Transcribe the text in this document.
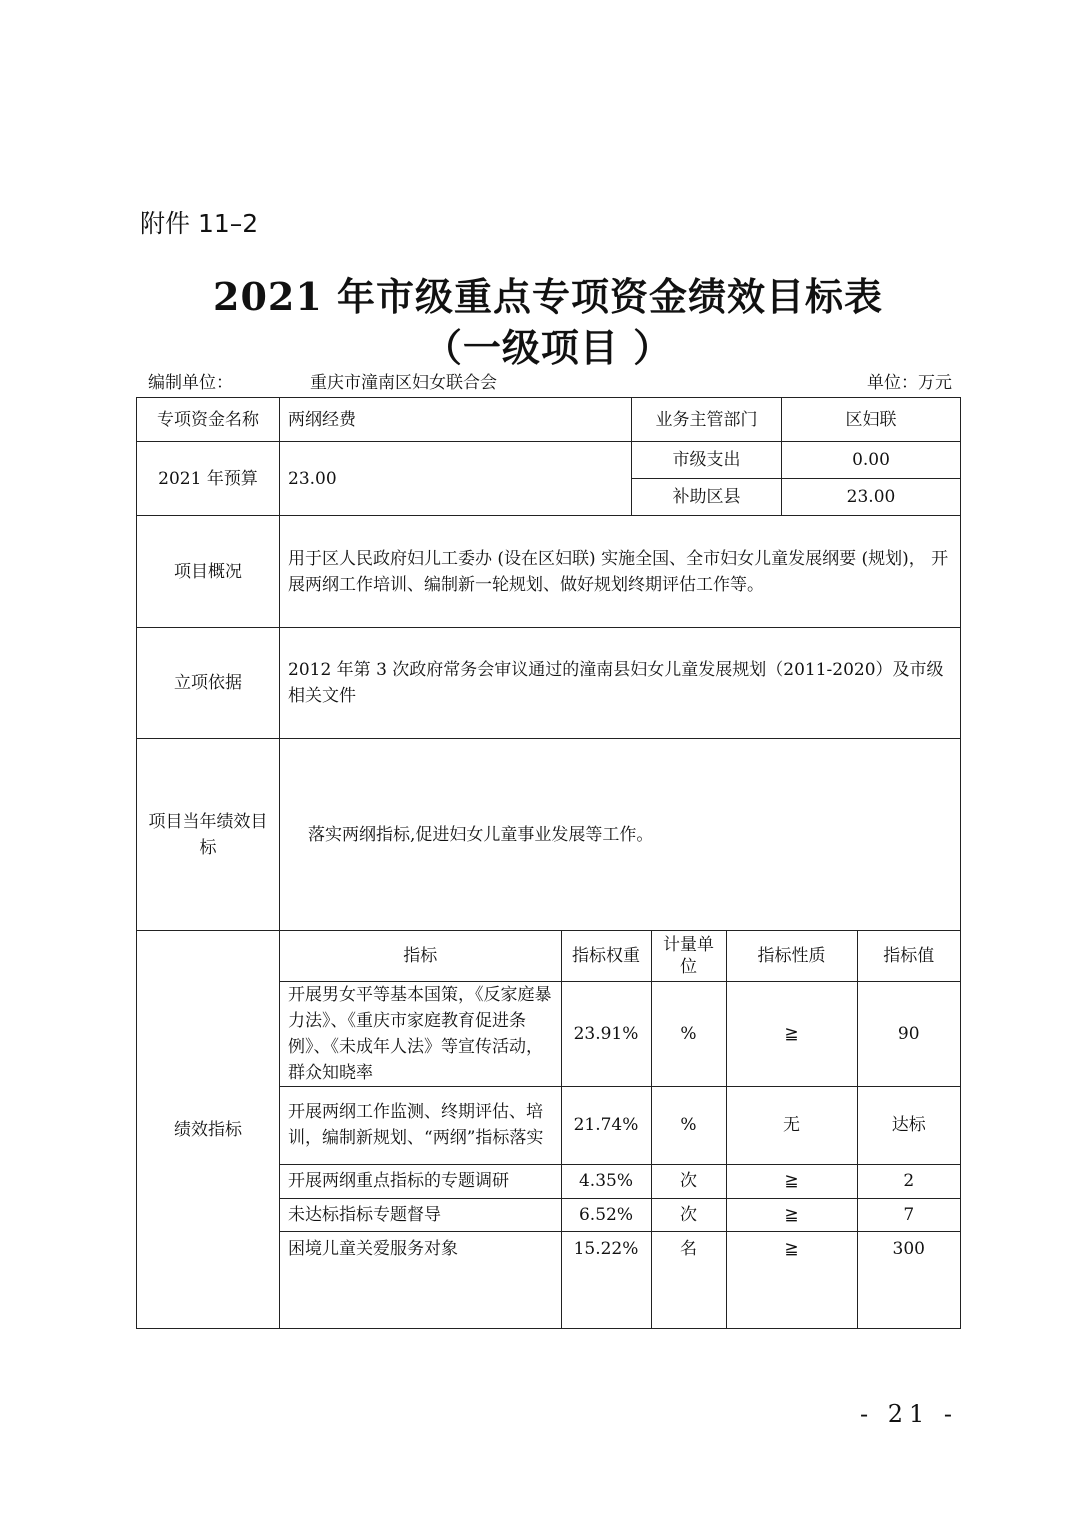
附件 11–2
2021 年市级重点专项资金绩效目标表
（一级项目 ）
编制单位：	重庆市潼南区妇女联合会	单位：万元
专项资金名称	两纲经费	业务主管部门	区妇联
2021 年预算	23.00	市级支出	0.00
补助区县	23.00
项目概况	用于区人民政府妇儿工委办 (设在区妇联) 实施全国、全市妇女儿童发展纲要 (规划)， 开展两纲工作培训、编制新一轮规划、做好规划终期评估工作等。
立项依据	2012 年第 3 次政府常务会审议通过的潼南县妇女儿童发展规划（2011-2020）及市级相关文件
项目当年绩效目标	落实两纲指标,促进妇女儿童事业发展等工作。
绩效指标	
指标	指标权重	计量单位	指标性质	指标值
开展男女平等基本国策，《反家庭暴力法》、《重庆市家庭教育促进条例》、《未成年人法》等宣传活动，群众知晓率	23.91%	%	≧	90
开展两纲工作监测、终期评估、培训，编制新规划、“两纲”指标落实	21.74%	%	无	达标
开展两纲重点指标的专题调研	4.35%	次	≧	2
未达标指标专题督导	6.52%	次	≧	7
困境儿童关爱服务对象	15.22%	名	≧	300
- 21 -
